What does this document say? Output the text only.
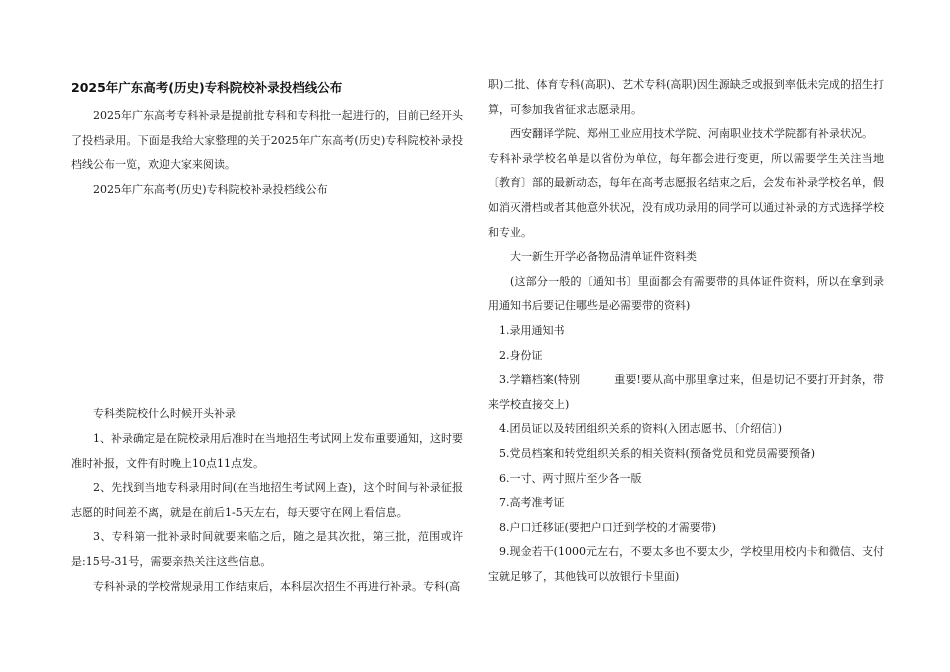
2025年广东高考(历史)专科院校补录投档线公布

2025年广东高考专科补录是提前批专科和专科批一起进行的，目前已经开头了投档录用。下面是我给大家整理的关于2025年广东高考(历史)专科院校补录投档线公布一览，欢迎大家来阅读。

2025年广东高考(历史)专科院校补录投档线公布

专科类院校什么时候开头补录

1、补录确定是在院校录用后准时在当地招生考试网上发布重要通知，这时要准时补报，文件有时晚上10点11点发。

2、先找到当地专科录用时间(在当地招生考试网上查)，这个时间与补录征报志愿的时间差不离，就是在前后1-5天左右，每天要守在网上看信息。

3、专科第一批补录时间就要来临之后，随之是其次批，第三批，范围或许是:15号-31号，需要亲热关注这些信息。

专科补录的学校常规录用工作结束后，本科层次招生不再进行补录。专科(高

职)二批、体育专科(高职)、艺术专科(高职)因生源缺乏或报到率低未完成的招生打算，可参加我省征求志愿录用。

西安翻译学院、郑州工业应用技术学院、河南职业技术学院都有补录状况。

专科补录学校名单是以省份为单位，每年都会进行变更，所以需要学生关注当地〔教育〕部的最新动态，每年在高考志愿报名结束之后，会发布补录学校名单，假如消灭滑档或者其他意外状况，没有成功录用的同学可以通过补录的方式选择学校和专业。

大一新生开学必备物品清单证件资料类

(这部分一般的〔通知书〕里面都会有需要带的具体证件资料，所以在拿到录用通知书后要记住哪些是必需要带的资料)

1.录用通知书

2.身份证

3.学籍档案(特别	重要!要从高中那里拿过来，但是切记不要打开封条，带来学校直接交上)

4.团员证以及转团组织关系的资料(入团志愿书、〔介绍信〕)

5.党员档案和转党组织关系的相关资料(预备党员和党员需要预备)

6.一寸、两寸照片至少各一版

7.高考准考证

8.户口迁移证(要把户口迁到学校的才需要带)

9.现金若干(1000元左右，不要太多也不要太少，学校里用校内卡和微信、支付宝就足够了，其他钱可以放银行卡里面)
